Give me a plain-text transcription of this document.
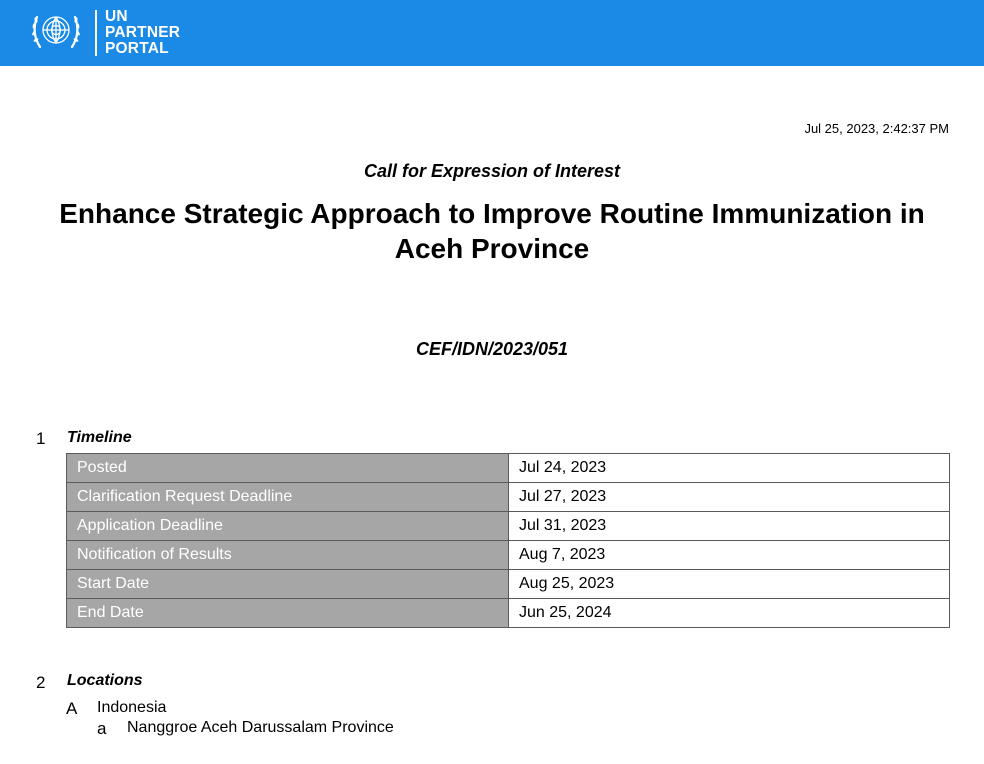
UN
PARTNER
PORTAL
Jul 25, 2023, 2:42:37 PM
Call for Expression of Interest
Enhance Strategic Approach to Improve Routine Immunization in Aceh Province
CEF/IDN/2023/051
1 Timeline
Posted	Jul 24, 2023
Clarification Request Deadline	Jul 27, 2023
Application Deadline	Jul 31, 2023
Notification of Results	Aug 7, 2023
Start Date	Aug 25, 2023
End Date	Jun 25, 2024
2 Locations
A Indonesia
a Nanggroe Aceh Darussalam Province
